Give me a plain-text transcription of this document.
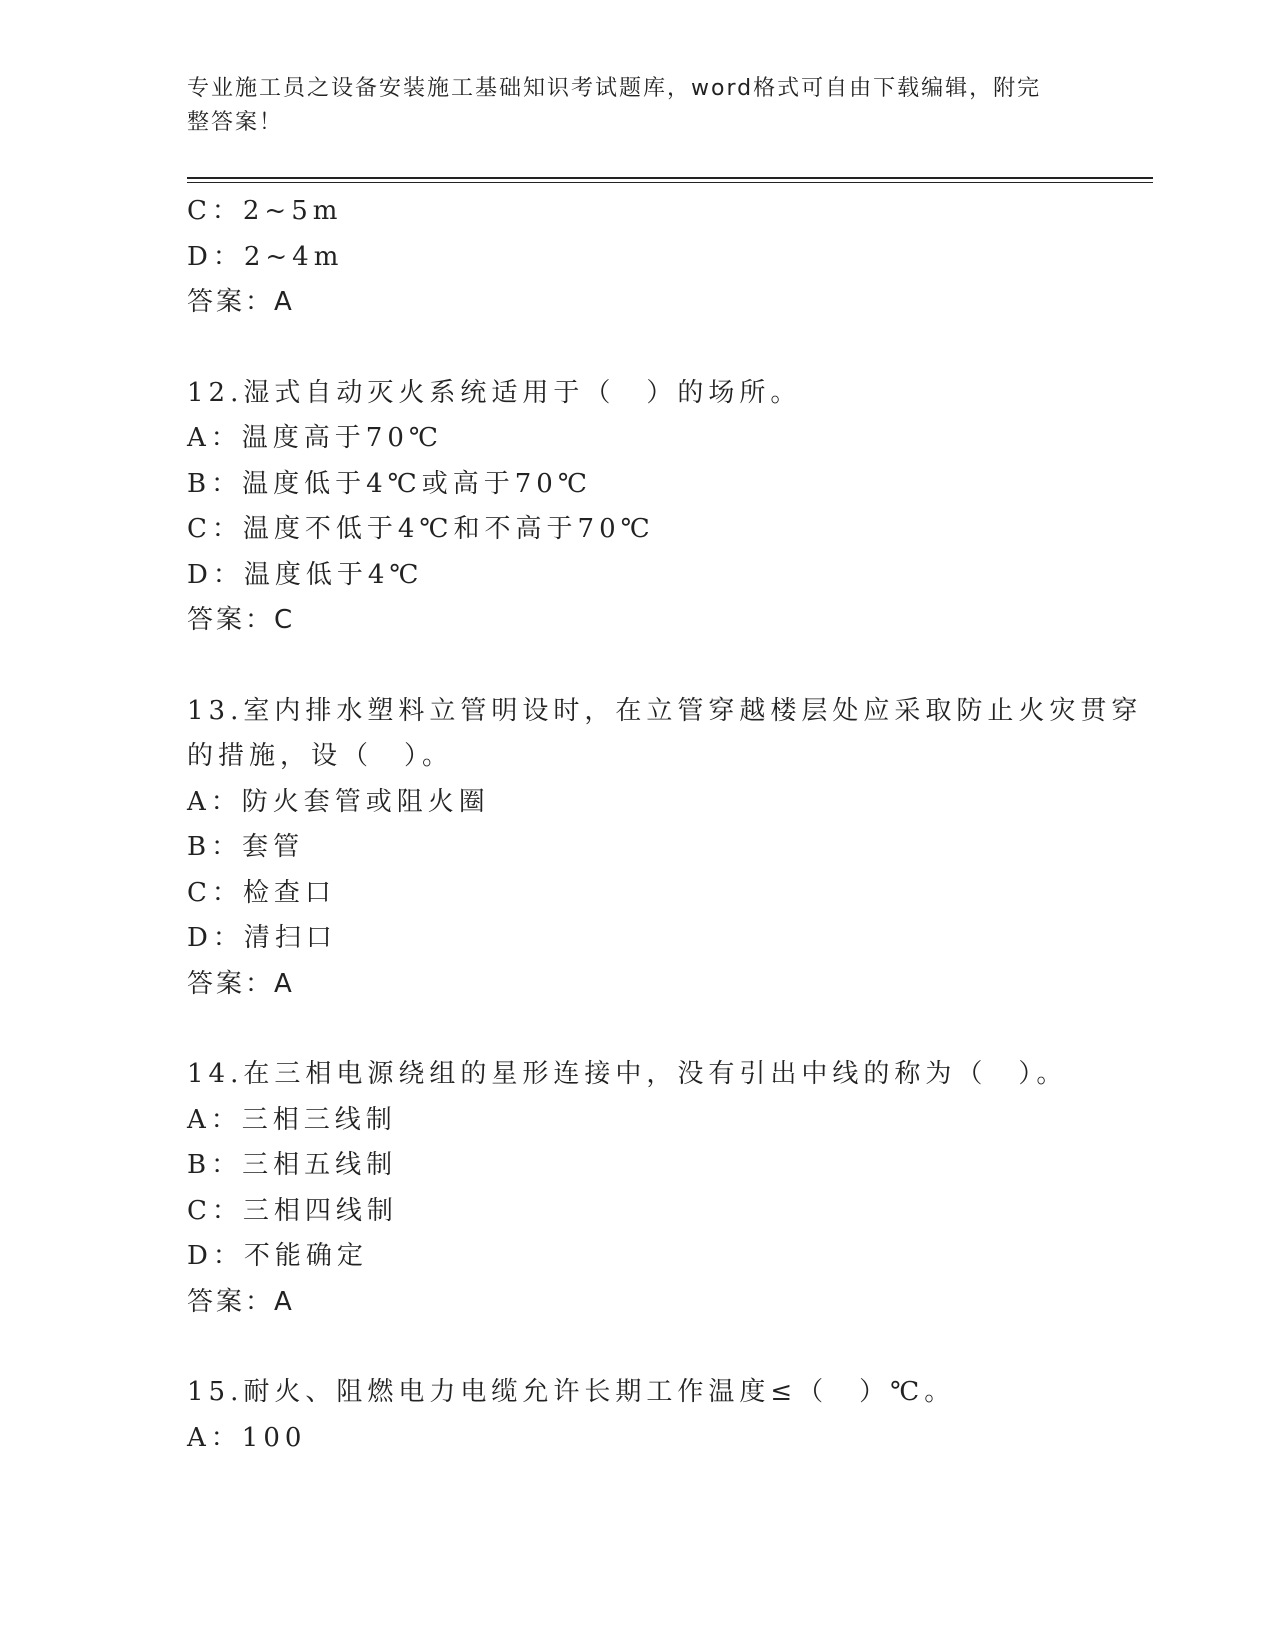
专业施工员之设备安装施工基础知识考试题库，word格式可自由下载编辑，附完
整答案！
C：2~5m
D：2~4m
答案：A
12.湿式自动灭火系统适用于（　）的场所。
A：温度高于70℃
B：温度低于4℃或高于70℃
C：温度不低于4℃和不高于70℃
D：温度低于4℃
答案：C
13.室内排水塑料立管明设时，在立管穿越楼层处应采取防止火灾贯穿
的措施，设（　）。
A：防火套管或阻火圈
B：套管
C：检查口
D：清扫口
答案：A
14.在三相电源绕组的星形连接中，没有引出中线的称为（　）。
A：三相三线制
B：三相五线制
C：三相四线制
D：不能确定
答案：A
15.耐火、阻燃电力电缆允许长期工作温度≤（　）℃。
A：100
